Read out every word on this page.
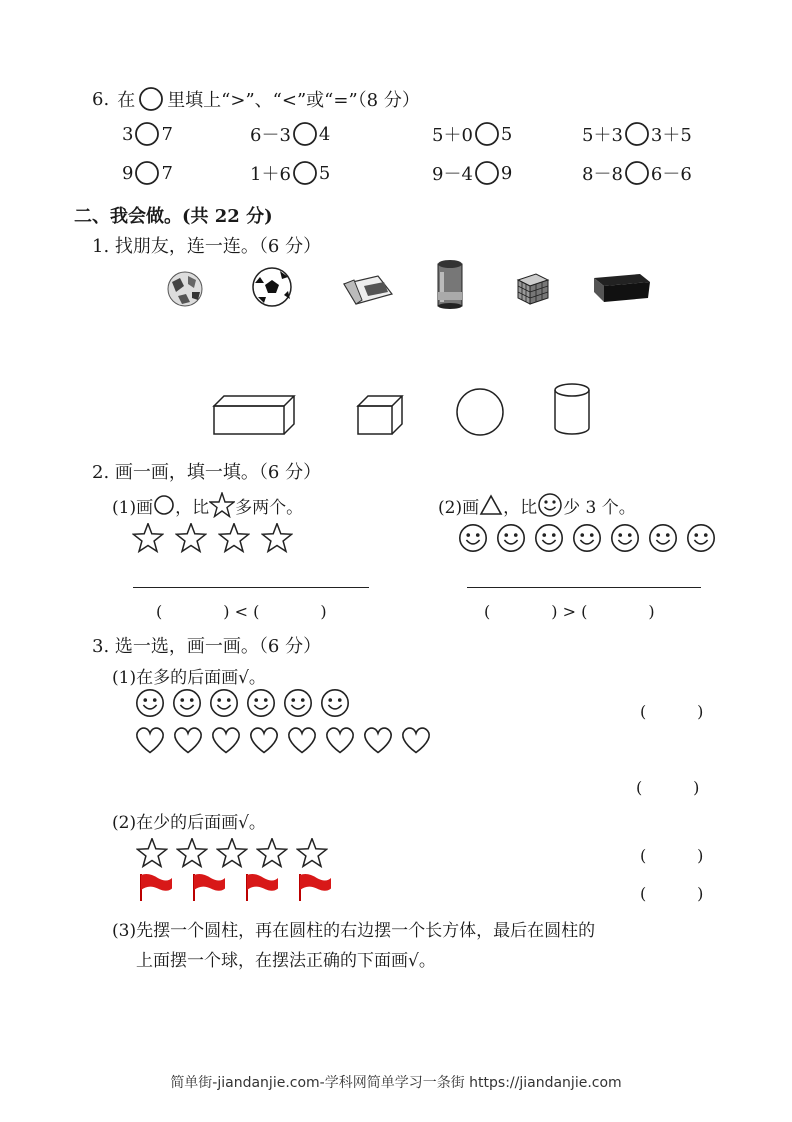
6. 在 里填上“>”、“<”或“=”（8 分）
3 7	6－3 4	5＋0 5	5＋3 3＋5
9 7	1＋6 5	9－4 9	8－8 6－6
二、我会做。(共 22 分)
1. 找朋友，连一连。（6 分）
2. 画一画，填一填。（6 分）
(1)画 ，比 多两个。	(2)画 ，比 少 3 个。
(            ) < (            )	(            ) > (            )
3. 选一选，画一画。（6 分）
(1)在多的后面画√。
(          )
(          )
(2)在少的后面画√。
(          )
(          )
(3)先摆一个圆柱，再在圆柱的右边摆一个长方体，最后在圆柱的
上面摆一个球，在摆法正确的下面画√。
简单街-jiandanjie.com-学科网简单学习一条街 https://jiandanjie.com
